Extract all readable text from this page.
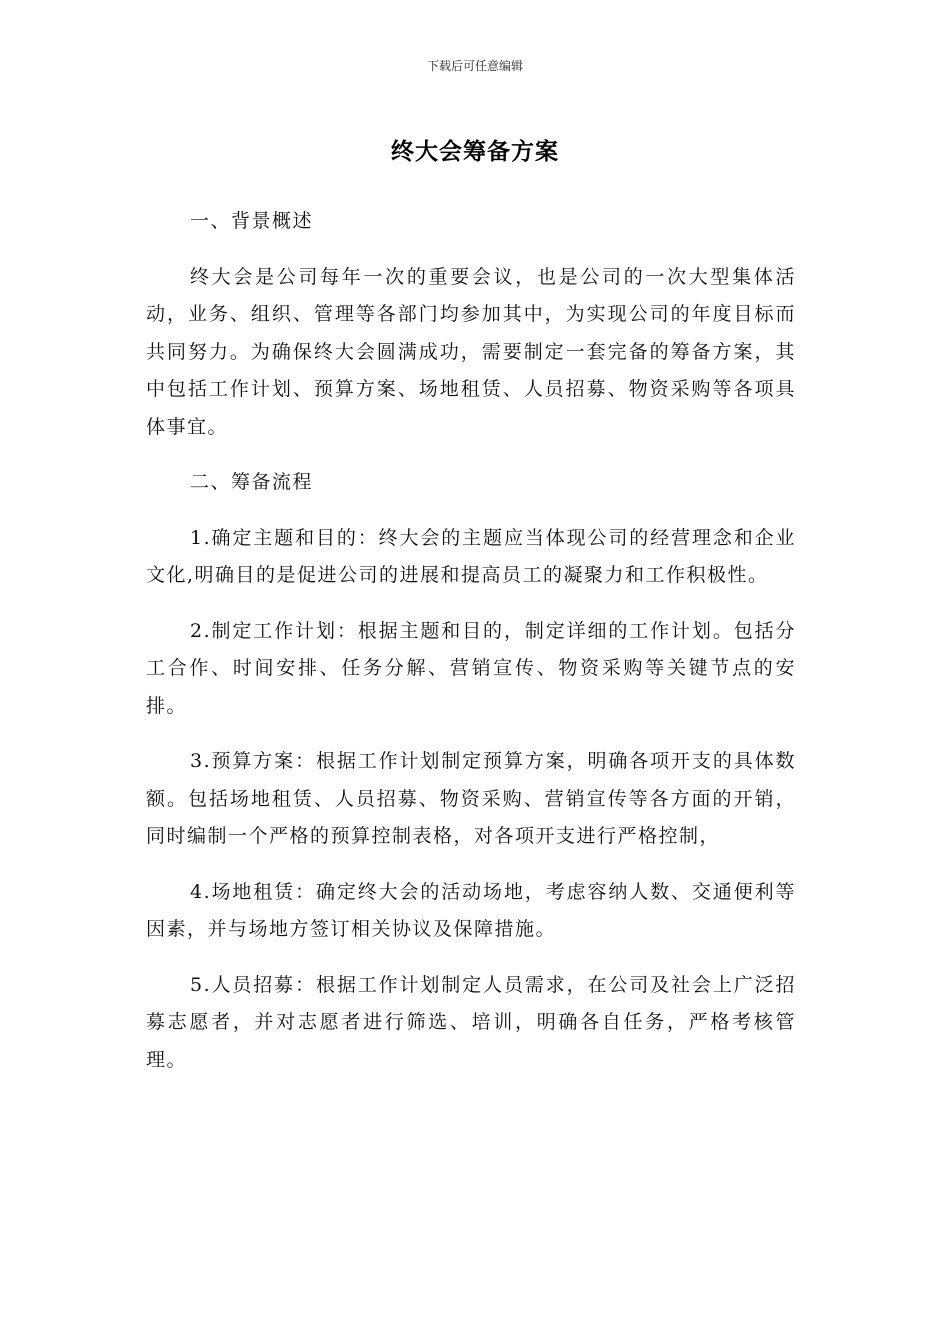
下载后可任意编辑
终大会筹备方案

一、背景概述

终大会是公司每年一次的重要会议，也是公司的一次大型集体活动，业务、组织、管理等各部门均参加其中，为实现公司的年度目标而共同努力。为确保终大会圆满成功，需要制定一套完备的筹备方案，其中包括工作计划、预算方案、场地租赁、人员招募、物资采购等各项具体事宜。

二、筹备流程

1.确定主题和目的：终大会的主题应当体现公司的经营理念和企业文化,明确目的是促进公司的进展和提高员工的凝聚力和工作积极性。

2.制定工作计划：根据主题和目的，制定详细的工作计划。包括分工合作、时间安排、任务分解、营销宣传、物资采购等关键节点的安排。

3.预算方案：根据工作计划制定预算方案，明确各项开支的具体数额。包括场地租赁、人员招募、物资采购、营销宣传等各方面的开销，同时编制一个严格的预算控制表格，对各项开支进行严格控制，

4.场地租赁：确定终大会的活动场地，考虑容纳人数、交通便利等因素，并与场地方签订相关协议及保障措施。

5.人员招募：根据工作计划制定人员需求，在公司及社会上广泛招募志愿者，并对志愿者进行筛选、培训，明确各自任务，严格考核管理。
